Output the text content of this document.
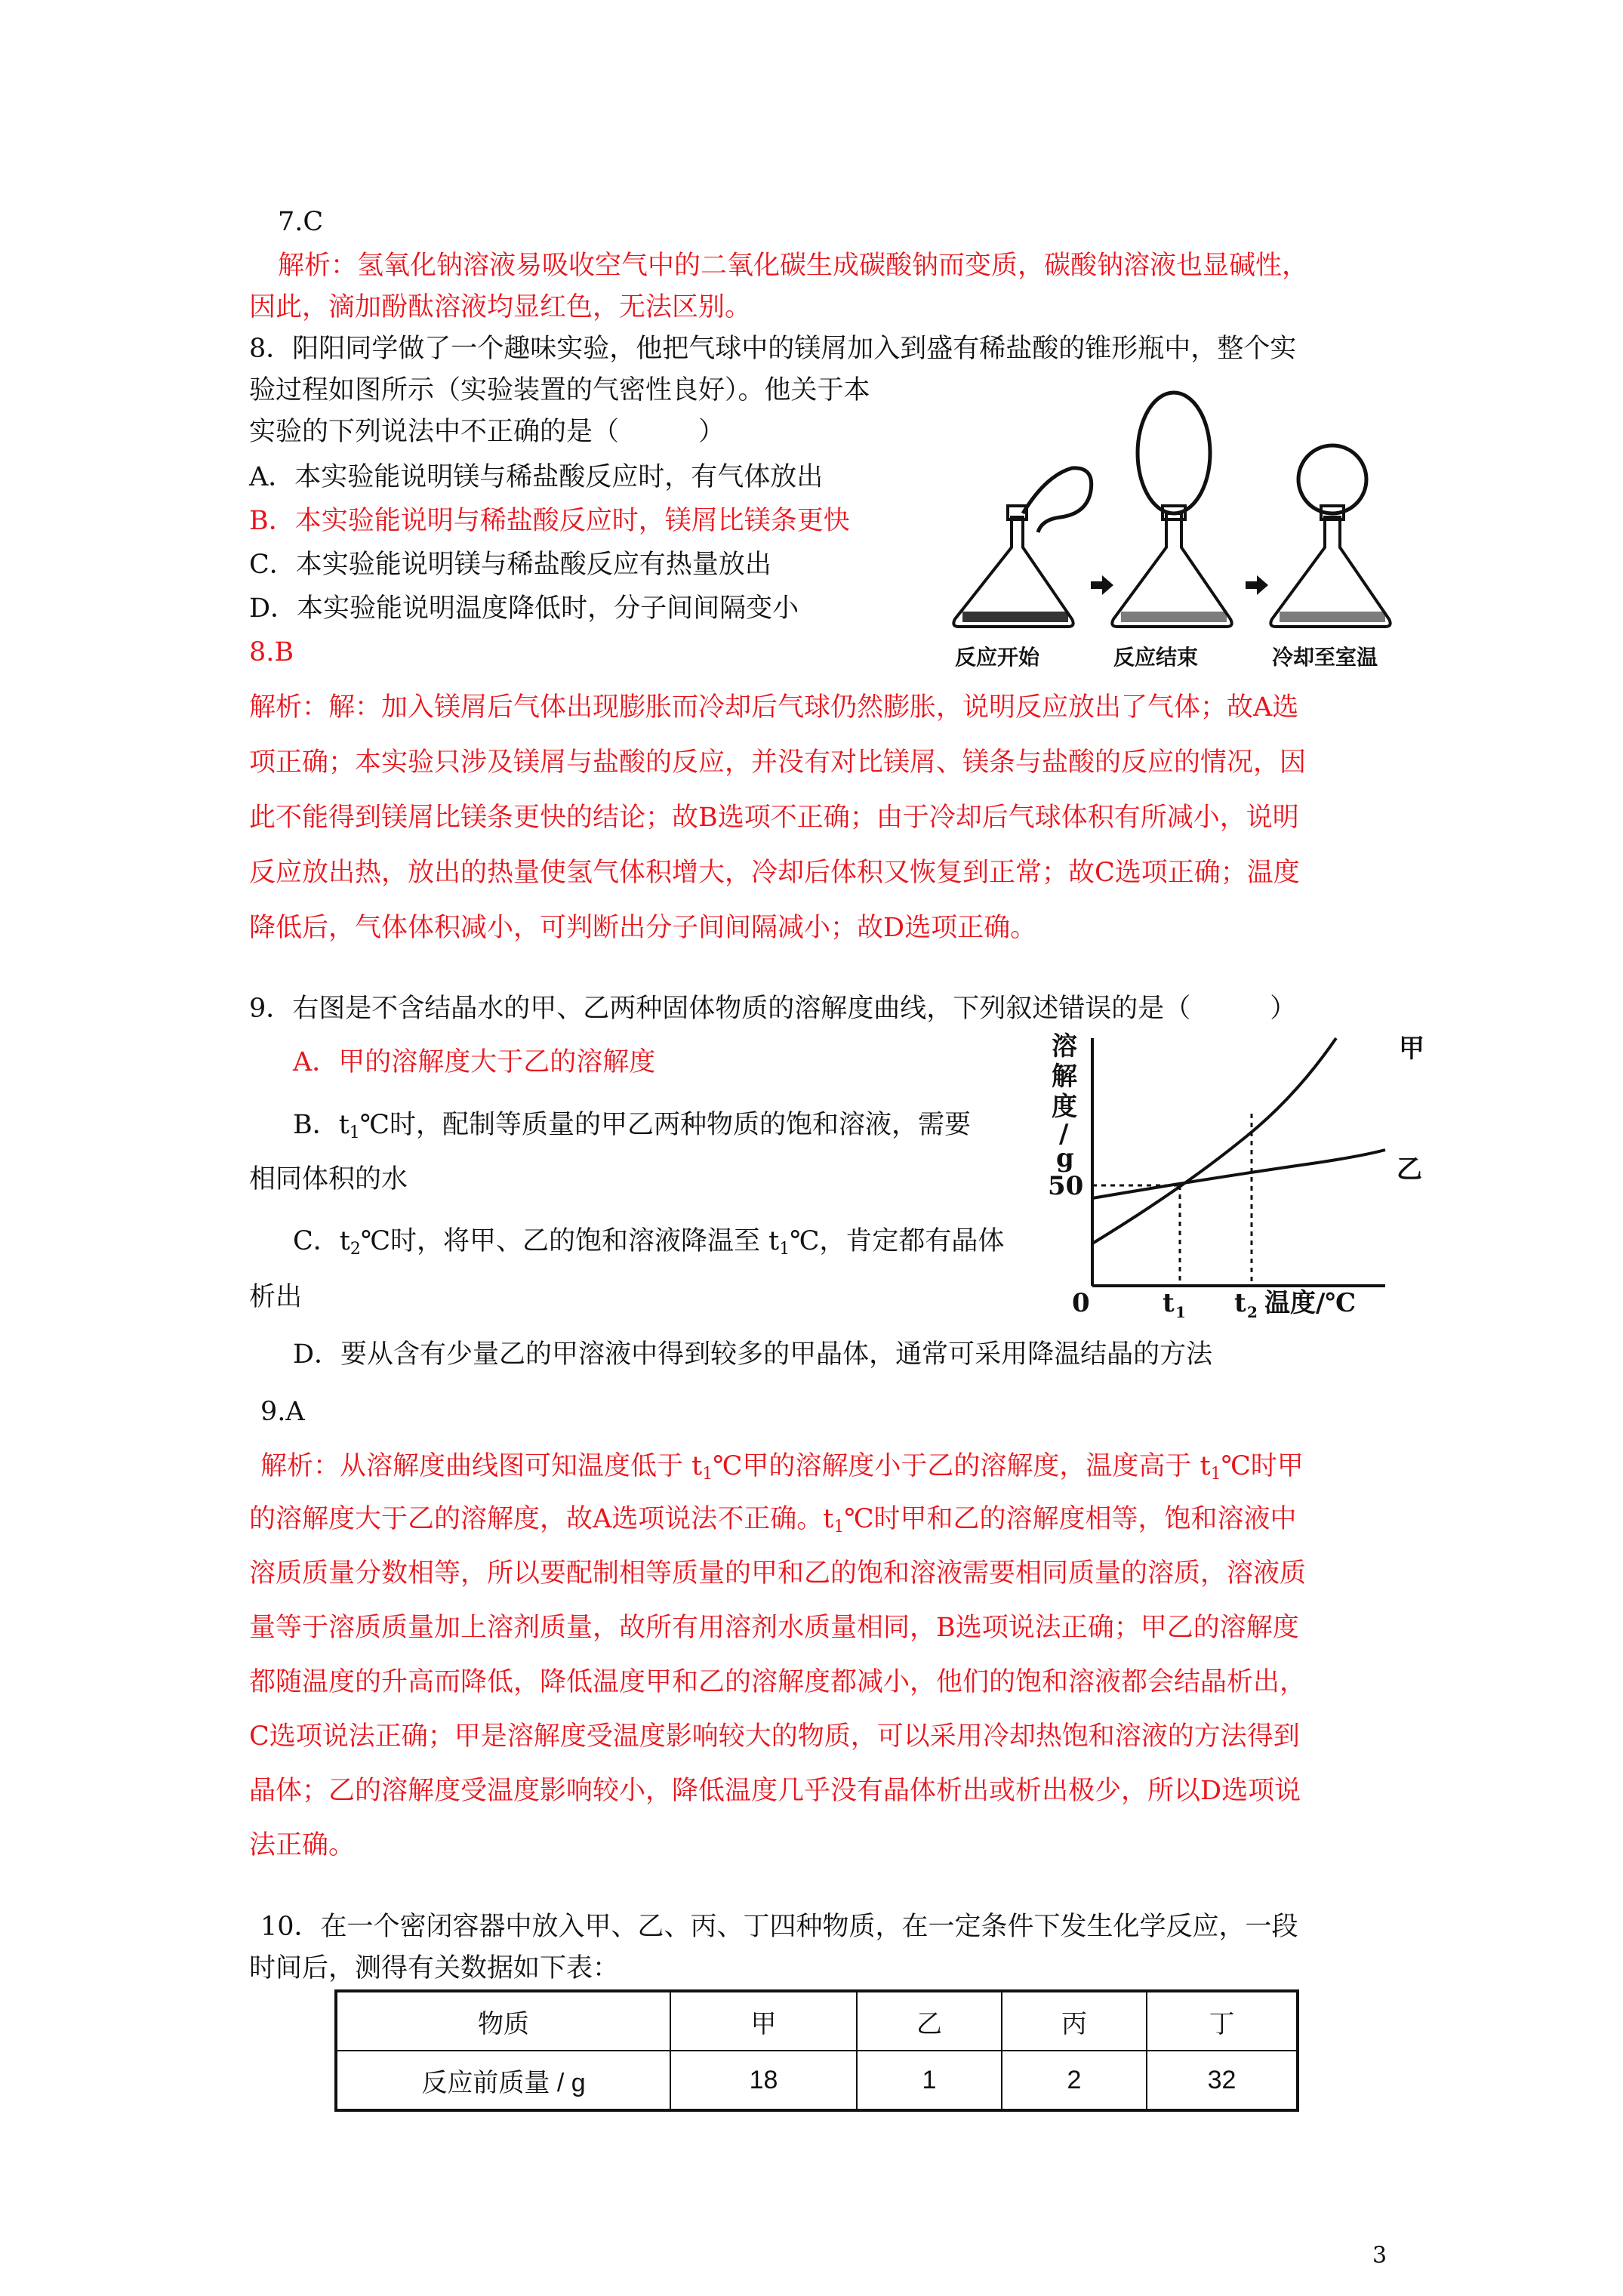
7.C
解析：氢氧化钠溶液易吸收空气中的二氧化碳生成碳酸钠而变质，碳酸钠溶液也显碱性，
因此，滴加酚酞溶液均显红色，无法区别。
8．阳阳同学做了一个趣味实验，他把气球中的镁屑加入到盛有稀盐酸的锥形瓶中，整个实
验过程如图所示（实验装置的气密性良好）。他关于本
实验的下列说法中不正确的是（　　　）
A．本实验能说明镁与稀盐酸反应时，有气体放出
B．本实验能说明与稀盐酸反应时，镁屑比镁条更快
C．本实验能说明镁与稀盐酸反应有热量放出
D．本实验能说明温度降低时，分子间间隔变小
8.B	反应开始	反应结束	冷却至室温
解析：解：加入镁屑后气体出现膨胀而冷却后气球仍然膨胀，说明反应放出了气体；故A选
项正确；本实验只涉及镁屑与盐酸的反应，并没有对比镁屑、镁条与盐酸的反应的情况，因
此不能得到镁屑比镁条更快的结论；故B选项不正确；由于冷却后气球体积有所减小，说明
反应放出热，放出的热量使氢气体积增大，冷却后体积又恢复到正常；故C选项正确；温度
降低后，气体体积减小，可判断出分子间间隔减小；故D选项正确。
9．右图是不含结晶水的甲、乙两种固体物质的溶解度曲线，下列叙述错误的是（　　　）
A．甲的溶解度大于乙的溶解度
B．$t_1℃$时，配制等质量的甲乙两种物质的饱和溶液，需要
相同体积的水
C．$t_2℃$时，将甲、乙的饱和溶液降温至 $t_1℃$，肯定都有晶体
析出
D．要从含有少量乙的甲溶液中得到较多的甲晶体，通常可采用降温结晶的方法
溶
解
度
/
g
50
0
甲
乙
t 1 t 2 温度/℃
9.A
解析：从溶解度曲线图可知温度低于 $t_1℃$甲的溶解度小于乙的溶解度，温度高于 $t_1℃$时甲
的溶解度大于乙的溶解度，故A选项说法不正确。$t_1℃$时甲和乙的溶解度相等，饱和溶液中
溶质质量分数相等，所以要配制相等质量的甲和乙的饱和溶液需要相同质量的溶质，溶液质
量等于溶质质量加上溶剂质量，故所有用溶剂水质量相同，B选项说法正确；甲乙的溶解度
都随温度的升高而降低，降低温度甲和乙的溶解度都减小，他们的饱和溶液都会结晶析出，
C选项说法正确；甲是溶解度受温度影响较大的物质，可以采用冷却热饱和溶液的方法得到
晶体；乙的溶解度受温度影响较小，降低温度几乎没有晶体析出或析出极少，所以D选项说
法正确。
10．在一个密闭容器中放入甲、乙、丙、丁四种物质，在一定条件下发生化学反应，一段
时间后，测得有关数据如下表：
物质	甲	乙	丙	丁
反应前质量 / g	18	1	2	32
3
